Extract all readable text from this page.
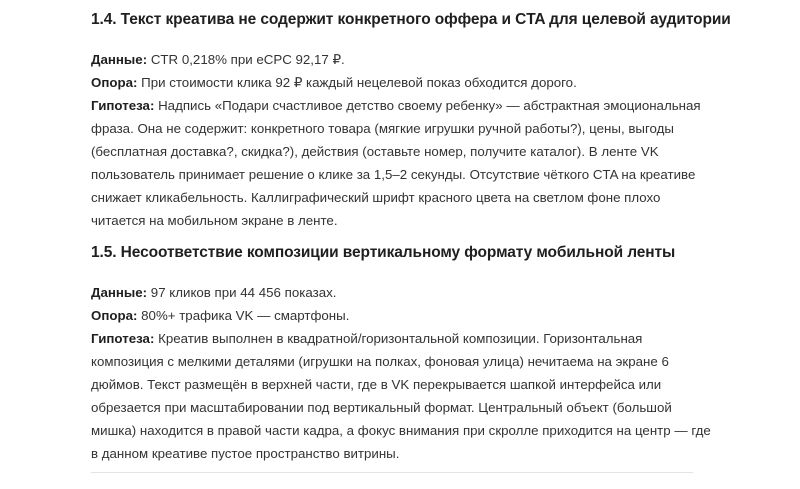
1.4. Текст креатива не содержит конкретного оффера и CTA для целевой аудитории

Данные: CTR 0,218% при eCPC 92,17 ₽.

Опора: При стоимости клика 92 ₽ каждый нецелевой показ обходится дорого.

Гипотеза: Надпись «Подари счастливое детство своему ребенку» — абстрактная эмоциональная фраза. Она не содержит: конкретного товара (мягкие игрушки ручной работы?), цены, выгоды (бесплатная доставка?, скидка?), действия (оставьте номер, получите каталог). В ленте VK пользователь принимает решение о клике за 1,5–2 секунды. Отсутствие чёткого CTA на креативе снижает кликабельность. Каллиграфический шрифт красного цвета на светлом фоне плохо читается на мобильном экране в ленте.

1.5. Несоответствие композиции вертикальному формату мобильной ленты

Данные: 97 кликов при 44 456 показах.

Опора: 80%+ трафика VK — смартфоны.

Гипотеза: Креатив выполнен в квадратной/горизонтальной композиции. Горизонтальная композиция с мелкими деталями (игрушки на полках, фоновая улица) нечитаема на экране 6 дюймов. Текст размещён в верхней части, где в VK перекрывается шапкой интерфейса или обрезается при масштабировании под вертикальный формат. Центральный объект (большой мишка) находится в правой части кадра, а фокус внимания при скролле приходится на центр — где в данном креативе пустое пространство витрины.
